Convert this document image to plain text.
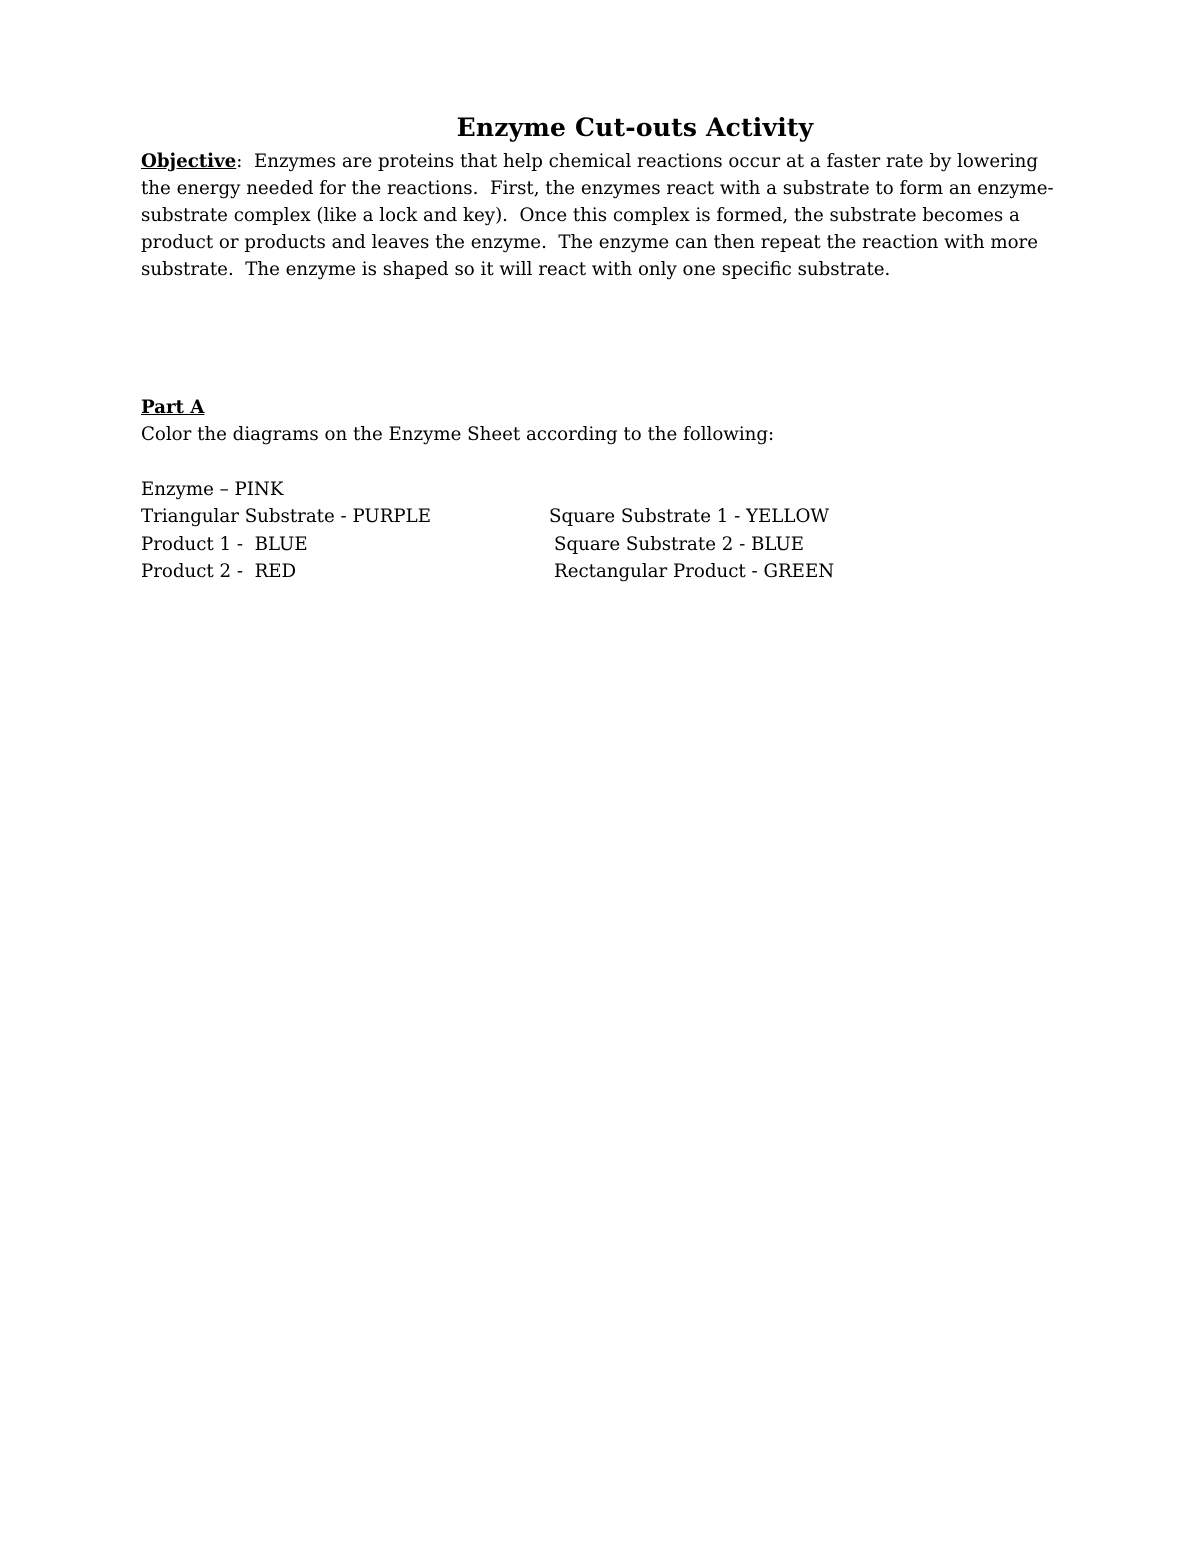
Enzyme Cut-outs Activity
Objective:  Enzymes are proteins that help chemical reactions occur at a faster rate by lowering
the energy needed for the reactions.  First, the enzymes react with a substrate to form an enzyme-
substrate complex (like a lock and key).  Once this complex is formed, the substrate becomes a
product or products and leaves the enzyme.  The enzyme can then repeat the reaction with more
substrate.  The enzyme is shaped so it will react with only one specific substrate.
Part A
Color the diagrams on the Enzyme Sheet according to the following:
Enzyme – PINK
Triangular Substrate - PURPLE	Square Substrate 1 - YELLOW
Product 1 -  BLUE	Square Substrate 2 - BLUE
Product 2 -  RED	Rectangular Product - GREEN
